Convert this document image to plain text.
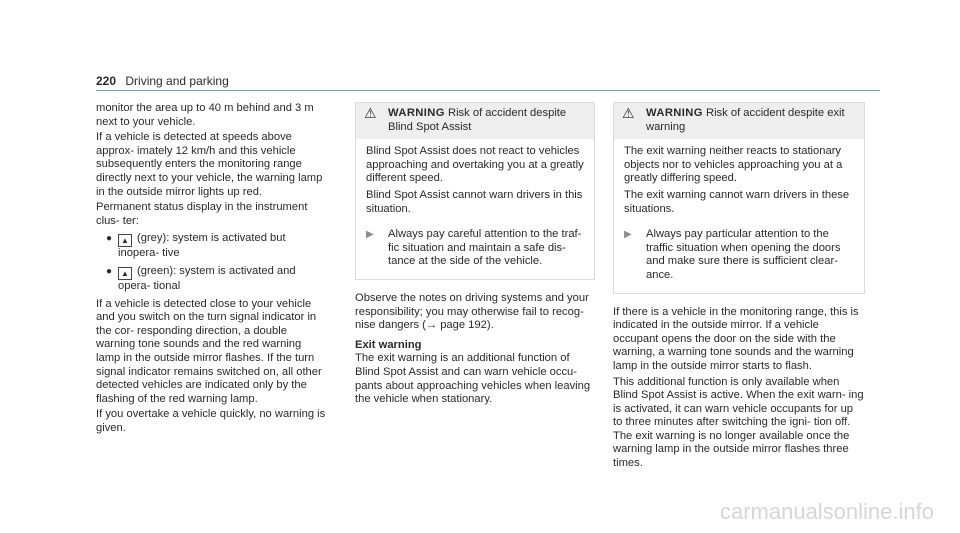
220 Driving and parking

monitor the area up to 40 m behind and 3 m next to your vehicle.

If a vehicle is detected at speeds above approx- imately 12 km/h and this vehicle subsequently enters the monitoring range directly next to your vehicle, the warning lamp in the outside mirror lights up red.

Permanent status display in the instrument clus- ter:

●	▲ (grey): system is activated but inopera- tive
●	▲ (green): system is activated and opera- tional

If a vehicle is detected close to your vehicle and you switch on the turn signal indicator in the cor- responding direction, a double warning tone sounds and the red warning lamp in the outside mirror flashes. If the turn signal indicator remains switched on, all other detected vehicles are indicated only by the flashing of the red warning lamp.

If you overtake a vehicle quickly, no warning is given.

⚠	WARNING Risk of accident despite Blind Spot Assist

Blind Spot Assist does not react to vehicles approaching and overtaking you at a greatly different speed.

Blind Spot Assist cannot warn drivers in this situation.

▶	Always pay careful attention to the traf- fic situation and maintain a safe dis- tance at the side of the vehicle.

Observe the notes on driving systems and your responsibility; you may otherwise fail to recog- nise dangers (→ page 192).

Exit warning

The exit warning is an additional function of Blind Spot Assist and can warn vehicle occu- pants about approaching vehicles when leaving the vehicle when stationary.

⚠	WARNING Risk of accident despite exit warning

The exit warning neither reacts to stationary objects nor to vehicles approaching you at a greatly differing speed.

The exit warning cannot warn drivers in these situations.

▶	Always pay particular attention to the traffic situation when opening the doors and make sure there is sufficient clear- ance.

If there is a vehicle in the monitoring range, this is indicated in the outside mirror. If a vehicle occupant opens the door on the side with the warning, a warning tone sounds and the warning lamp in the outside mirror starts to flash.

This additional function is only available when Blind Spot Assist is active. When the exit warn- ing is activated, it can warn vehicle occupants for up to three minutes after switching the igni- tion off. The exit warning is no longer available once the warning lamp in the outside mirror flashes three times.

carmanualsonline.info
